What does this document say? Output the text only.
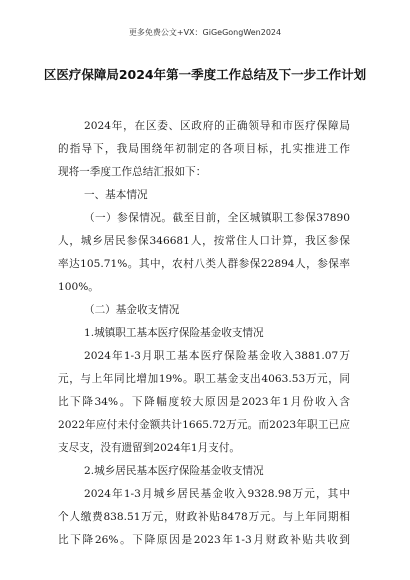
更多免费公文+VX：GiGeGongWen2024
区医疗保障局2024年第一季度工作总结及下一步工作计划
2024年，在区委、区政府的正确领导和市医疗保障局
的指导下，我局围绕年初制定的各项目标，扎实推进工作
现将一季度工作总结汇报如下：
一、基本情况
（一）参保情况。截至目前，全区城镇职工参保37890
人，城乡居民参保346681人，按常住人口计算，我区参保
率达105.71%。其中，农村八类人群参保22894人，参保率
100%。
（二）基金收支情况
1.城镇职工基本医疗保险基金收支情况
2024年1-3月职工基本医疗保险基金收入3881.07万
元，与上年同比增加19%。职工基金支出4063.53万元，同
比下降34%。下降幅度较大原因是2023年1月份收入含
2022年应付未付金额共计1665.72万元。而2023年职工已应
支尽支，没有遗留到2024年1月支付。
2.城乡居民基本医疗保险基金收支情况
2024年1-3月城乡居民基金收入9328.98万元，其中
个人缴费838.51万元，财政补贴8478万元。与上年同期相
比下降26%。下降原因是2023年1-3月财政补贴共收到
